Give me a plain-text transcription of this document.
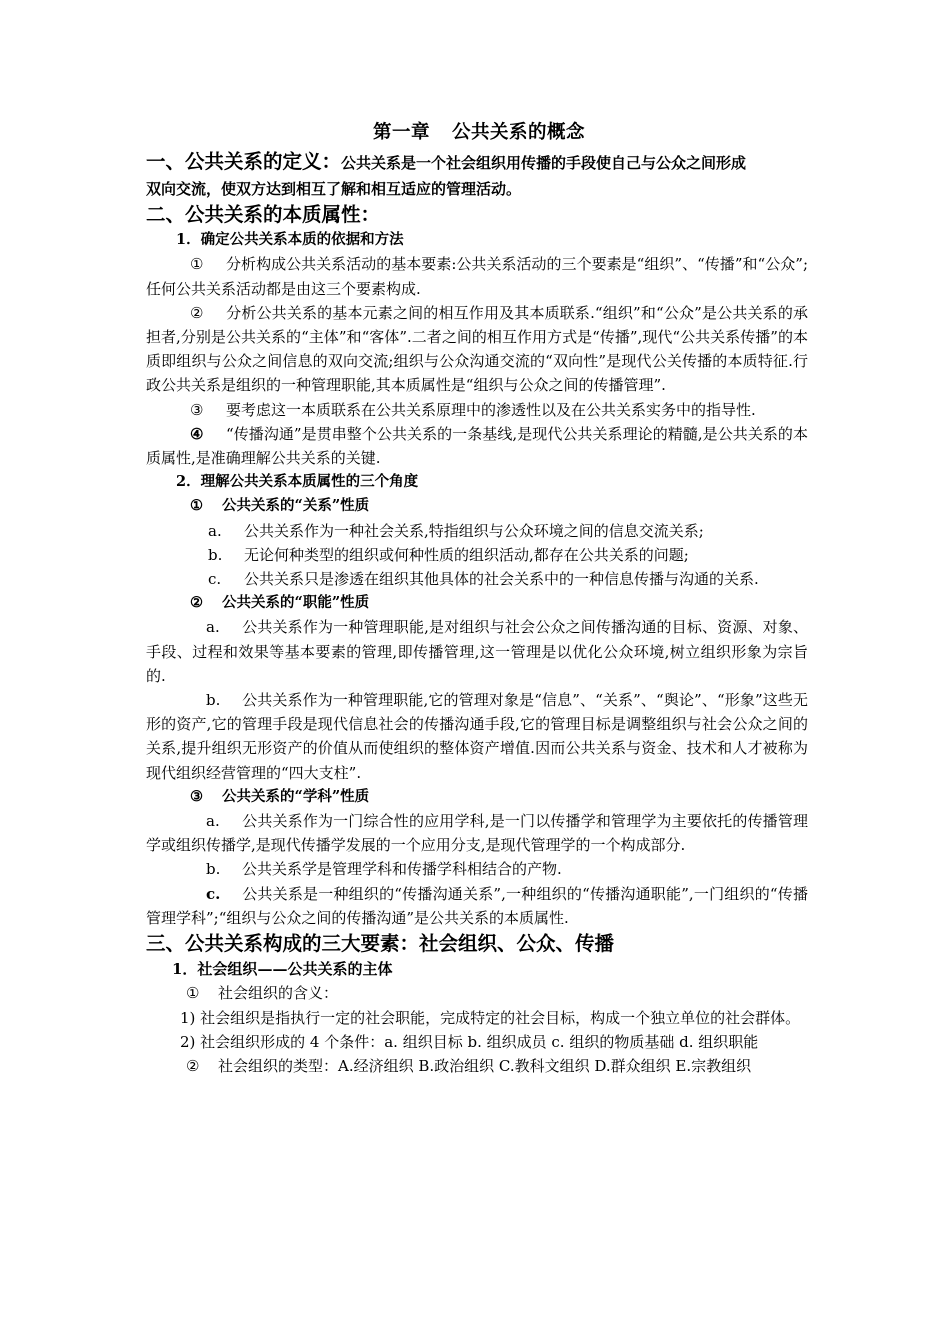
第一章 公共关系的概念
一、公共关系的定义：公共关系是一个社会组织用传播的手段使自己与公众之间形成
双向交流，使双方达到相互了解和相互适应的管理活动。
二、公共关系的本质属性：
1．确定公共关系本质的依据和方法
① 分析构成公共关系活动的基本要素:公共关系活动的三个要素是“组织”、“传播”和“公众”;任何公共关系活动都是由这三个要素构成.
② 分析公共关系的基本元素之间的相互作用及其本质联系.“组织”和“公众”是公共关系的承担者,分别是公共关系的“主体”和“客体”.二者之间的相互作用方式是“传播”,现代“公共关系传播”的本质即组织与公众之间信息的双向交流;组织与公众沟通交流的“双向性”是现代公关传播的本质特征.行政公共关系是组织的一种管理职能,其本质属性是“组织与公众之间的传播管理”.
③ 要考虑这一本质联系在公共关系原理中的渗透性以及在公共关系实务中的指导性.
④ “传播沟通”是贯串整个公共关系的一条基线,是现代公共关系理论的精髓,是公共关系的本质属性,是准确理解公共关系的关键.
2．理解公共关系本质属性的三个角度
① 公共关系的“关系”性质
a. 公共关系作为一种社会关系,特指组织与公众环境之间的信息交流关系;
b. 无论何种类型的组织或何种性质的组织活动,都存在公共关系的问题;
c. 公共关系只是渗透在组织其他具体的社会关系中的一种信息传播与沟通的关系.
② 公共关系的“职能”性质
a. 公共关系作为一种管理职能,是对组织与社会公众之间传播沟通的目标、资源、对象、手段、过程和效果等基本要素的管理,即传播管理,这一管理是以优化公众环境,树立组织形象为宗旨的.
b. 公共关系作为一种管理职能,它的管理对象是“信息”、“关系”、“舆论”、“形象”这些无形的资产,它的管理手段是现代信息社会的传播沟通手段,它的管理目标是调整组织与社会公众之间的关系,提升组织无形资产的价值从而使组织的整体资产增值.因而公共关系与资金、技术和人才被称为现代组织经营管理的“四大支柱”.
③ 公共关系的“学科”性质
a. 公共关系作为一门综合性的应用学科,是一门以传播学和管理学为主要依托的传播管理学或组织传播学,是现代传播学发展的一个应用分支,是现代管理学的一个构成部分.
b. 公共关系学是管理学科和传播学科相结合的产物.
c. 公共关系是一种组织的“传播沟通关系”,一种组织的“传播沟通职能”,一门组织的“传播管理学科”;“组织与公众之间的传播沟通”是公共关系的本质属性.
三、公共关系构成的三大要素：社会组织、公众、传播
1．社会组织——公共关系的主体
① 社会组织的含义：
1) 社会组织是指执行一定的社会职能，完成特定的社会目标，构成一个独立单位的社会群体。
2) 社会组织形成的 4 个条件：a. 组织目标 b. 组织成员 c. 组织的物质基础 d. 组织职能
② 社会组织的类型：A.经济组织 B.政治组织 C.教科文组织 D.群众组织 E.宗教组织
